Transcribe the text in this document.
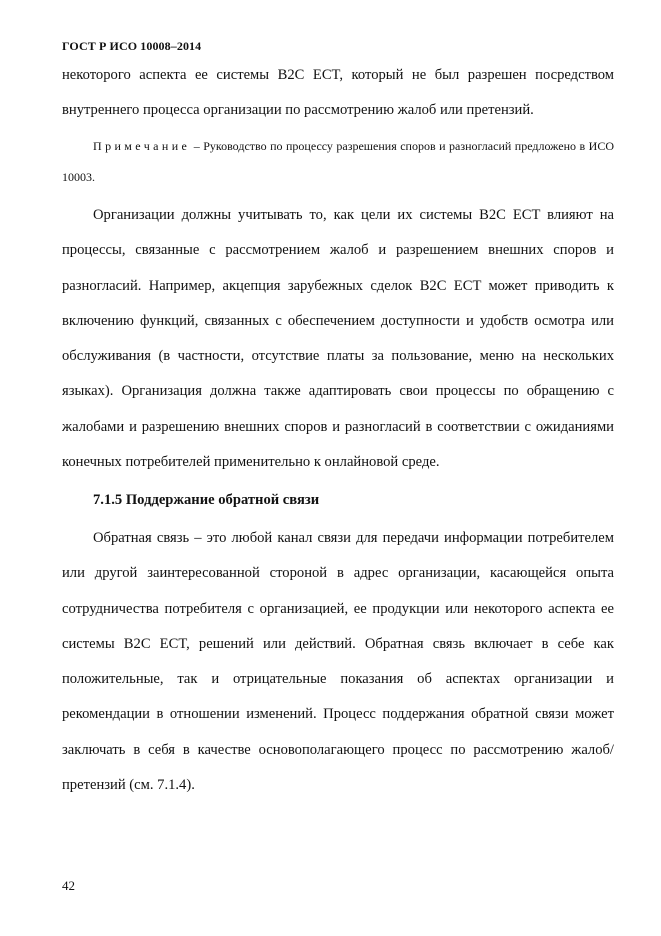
ГОСТ Р ИСО 10008–2014
некоторого аспекта ее системы B2C ECT, который не был разрешен посредством внутреннего процесса организации по рассмотрению жалоб или претензий.
Примечание – Руководство по процессу разрешения споров и разногласий предложено в ИСО 10003.
Организации должны учитывать то, как цели их системы B2C ECT влияют на процессы, связанные с рассмотрением жалоб и разрешением внешних споров и разногласий. Например, акцепция зарубежных сделок B2C ECT может приводить к включению функций, связанных с обеспечением доступности и удобств осмотра или обслуживания (в частности, отсутствие платы за пользование, меню на нескольких языках). Организация должна также адаптировать свои процессы по обращению с жалобами и разрешению внешних споров и разногласий в соответствии с ожиданиями конечных потребителей применительно к онлайновой среде.
7.1.5 Поддержание обратной связи
Обратная связь – это любой канал связи для передачи информации потребителем или другой заинтересованной стороной в адрес организации, касающейся опыта сотрудничества потребителя с организацией, ее продукции или некоторого аспекта ее системы B2C ECT, решений или действий. Обратная связь включает в себе как положительные, так и отрицательные показания об аспектах организации и рекомендации в отношении изменений. Процесс поддержания обратной связи может заключать в себя в качестве основополагающего процесс по рассмотрению жалоб/претензий (см. 7.1.4).
42
